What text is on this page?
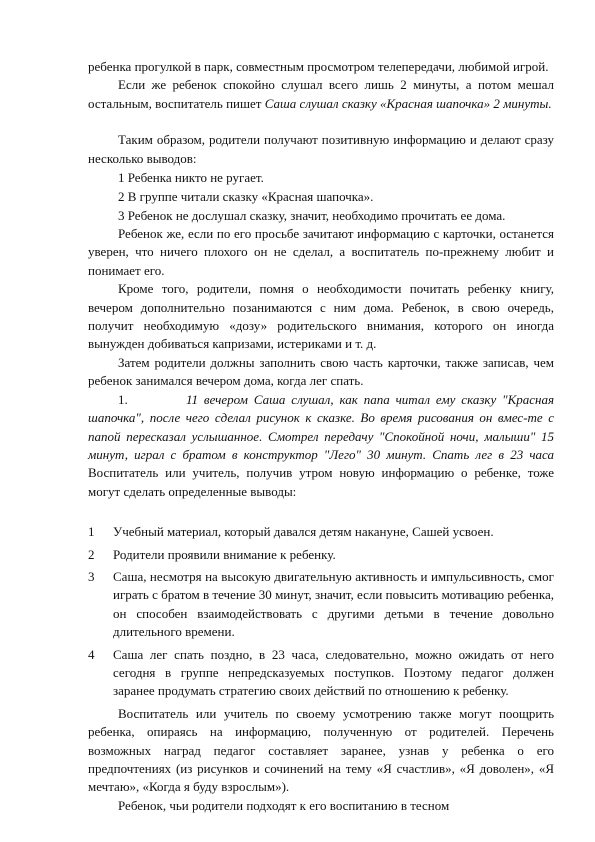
ребенка прогулкой в парк, совместным просмотром телепередачи, любимой игрой.

Если же ребенок спокойно слушал всего лишь 2 минуты, а потом мешал остальным, воспитатель пишет Саша слушал сказку «Красная шапочка» 2 минуты.

Таким образом, родители получают позитивную информацию и делают сразу несколько выводов:

1 Ребенка никто не ругает.
2 В группе читали сказку «Красная шапочка».
3 Ребенок не дослушал сказку, значит, необходимо прочитать ее дома.

Ребенок же, если по его просьбе зачитают информацию с карточки, останется уверен, что ничего плохого он не сделал, а воспитатель по-прежнему любит и понимает его.

Кроме того, родители, помня о необходимости почитать ребенку книгу, вечером дополнительно позанимаются с ним дома. Ребенок, в свою очередь, получит необходимую «дозу» родительского внимания, которого он иногда вынужден добиваться капризами, истериками и т. д.

Затем родители должны заполнить свою часть карточки, также записав, чем ребенок занимался вечером дома, когда лег спать.

1.	11 вечером Саша слушал, как папа читал ему сказку "Красная шапочка", после чего сделал рисунок к сказке. Во время рисования он вмес-те с папой пересказал услышанное. Смотрел передачу "Спокойной ночи, малыши" 15 минут, играл с братом в конструктор "Лего" 30 минут. Спать лег в 23 часа Воспитатель или учитель, получив утром новую информацию о ребенке, тоже могут сделать определенные выводы:

1	Учебный материал, который давался детям накануне, Сашей усвоен.
2	Родители проявили внимание к ребенку.
3	Саша, несмотря на высокую двигательную активность и импульсивность, смог играть с братом в течение 30 минут, значит, если повысить мотивацию ребенка, он способен взаимодействовать с другими детьми в течение довольно длительного времени.
4	Саша лег спать поздно, в 23 часа, следовательно, можно ожидать от него сегодня в группе непредсказуемых поступков. Поэтому педагог должен заранее продумать стратегию своих действий по отношению к ребенку.

Воспитатель или учитель по своему усмотрению также могут поощрить ребенка, опираясь на информацию, полученную от родителей. Перечень возможных наград педагог составляет заранее, узнав у ребенка о его предпочтениях (из рисунков и сочинений на тему «Я счастлив», «Я доволен», «Я мечтаю», «Когда я буду взрослым»).

Ребенок, чьи родители подходят к его воспитанию в тесном
